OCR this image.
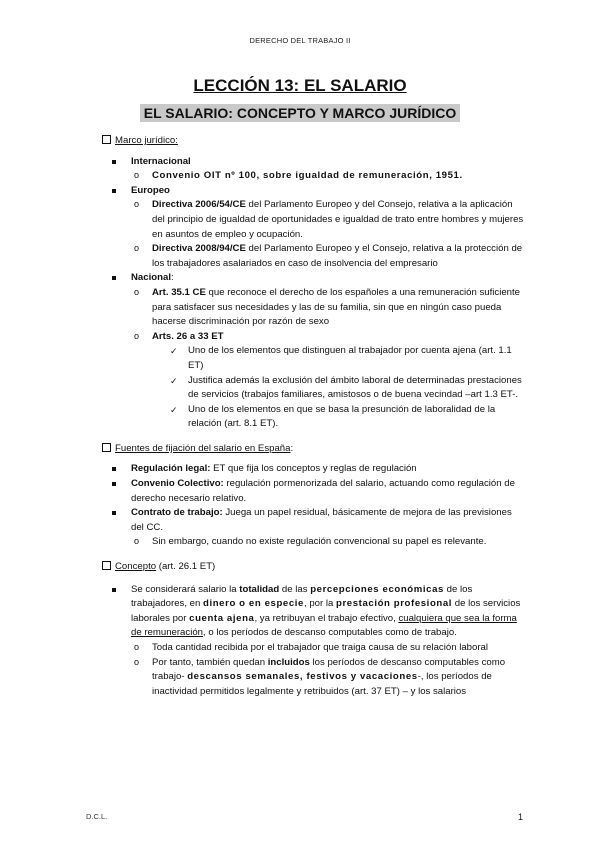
DERECHO DEL TRABAJO II
LECCIÓN 13: EL SALARIO
EL SALARIO: CONCEPTO Y MARCO JURÍDICO

Marco jurídico:

Internacional
o Convenio OIT nº 100, sobre igualdad de remuneración, 1951.
Europeo
o Directiva 2006/54/CE del Parlamento Europeo y del Consejo, relativa a la aplicación del principio de igualdad de oportunidades e igualdad de trato entre hombres y mujeres en asuntos de empleo y ocupación.
o Directiva 2008/94/CE del Parlamento Europeo y el Consejo, relativa a la protección de los trabajadores asalariados en caso de insolvencia del empresario
Nacional:
o Art. 35.1 CE que reconoce el derecho de los españoles a una remuneración suficiente para satisfacer sus necesidades y las de su familia, sin que en ningún caso pueda hacerse discriminación por razón de sexo
o Arts. 26 a 33 ET
✓ Uno de los elementos que distinguen al trabajador por cuenta ajena (art. 1.1 ET)
✓ Justifica además la exclusión del ámbito laboral de determinadas prestaciones de servicios (trabajos familiares, amistosos o de buena vecindad –art 1.3 ET-.
✓ Uno de los elementos en que se basa la presunción de laboralidad de la relación (art. 8.1 ET).

Fuentes de fijación del salario en España:

Regulación legal: ET que fija los conceptos y reglas de regulación
Convenio Colectivo: regulación pormenorizada del salario, actuando como regulación de derecho necesario relativo.
Contrato de trabajo: Juega un papel residual, básicamente de mejora de las previsiones del CC.
o Sin embargo, cuando no existe regulación convencional su papel es relevante.

Concepto (art. 26.1 ET)

Se considerará salario la totalidad de las percepciones económicas de los trabajadores, en dinero o en especie, por la prestación profesional de los servicios laborales por cuenta ajena, ya retribuyan el trabajo efectivo, cualquiera que sea la forma de remuneración, o los períodos de descanso computables como de trabajo.
o Toda cantidad recibida por el trabajador que traiga causa de su relación laboral
o Por tanto, también quedan incluidos los períodos de descanso computables como trabajo- descansos semanales, festivos y vacaciones-, los períodos de inactividad permitidos legalmente y retribuidos (art. 37 ET) – y los salarios
D.C.L.	1
